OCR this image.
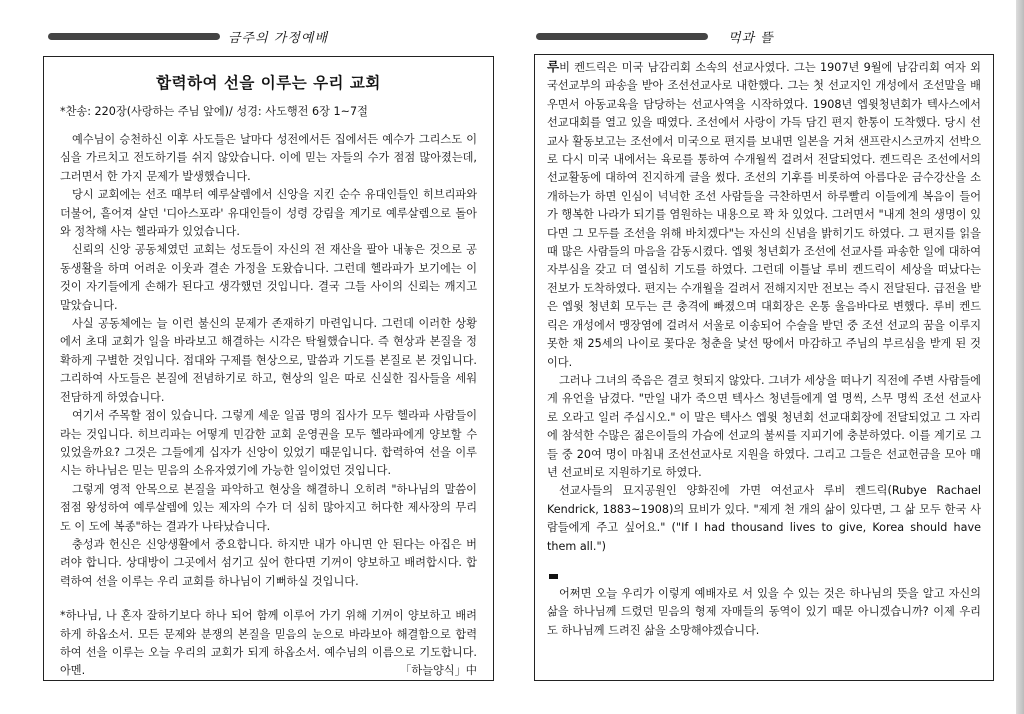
금주의 가정예배	먹과 뜰
합력하여 선을 이루는 우리 교회
*찬송: 220장(사랑하는 주님 앞에)/ 성경: 사도행전 6장 1~7절

예수님이 승천하신 이후 사도들은 날마다 성전에서든 집에서든 예수가 그리스도 이심을 가르치고 전도하기를 쉬지 않았습니다. 이에 믿는 자들의 수가 점점 많아졌는데, 그러면서 한 가지 문제가 발생했습니다.

당시 교회에는 선조 때부터 예루살렘에서 신앙을 지킨 순수 유대인들인 히브리파와 더불어, 흩어져 살던 '디아스포라' 유대인들이 성령 강림을 계기로 예루살렘으로 돌아와 정착해 사는 헬라파가 있었습니다.

신뢰의 신앙 공동체였던 교회는 성도들이 자신의 전 재산을 팔아 내놓은 것으로 공동생활을 하며 어려운 이웃과 결손 가정을 도왔습니다. 그런데 헬라파가 보기에는 이것이 자기들에게 손해가 된다고 생각했던 것입니다. 결국 그들 사이의 신뢰는 깨지고 말았습니다.

사실 공동체에는 늘 이런 불신의 문제가 존재하기 마련입니다. 그런데 이러한 상황에서 초대 교회가 일을 바라보고 해결하는 시각은 탁월했습니다. 즉 현상과 본질을 정확하게 구별한 것입니다. 접대와 구제를 현상으로, 말씀과 기도를 본질로 본 것입니다. 그리하여 사도들은 본질에 전념하기로 하고, 현상의 일은 따로 신실한 집사들을 세워 전담하게 하였습니다.

여기서 주목할 점이 있습니다. 그렇게 세운 일곱 명의 집사가 모두 헬라파 사람들이라는 것입니다. 히브리파는 어떻게 민감한 교회 운영권을 모두 헬라파에게 양보할 수 있었을까요? 그것은 그들에게 십자가 신앙이 있었기 때문입니다. 합력하여 선을 이루시는 하나님은 믿는 믿음의 소유자였기에 가능한 일이었던 것입니다.

그렇게 영적 안목으로 본질을 파악하고 현상을 해결하니 오히려 "하나님의 말씀이 점점 왕성하여 예루살렘에 있는 제자의 수가 더 심히 많아지고 허다한 제사장의 무리도 이 도에 복종"하는 결과가 나타났습니다.

충성과 헌신은 신앙생활에서 중요합니다. 하지만 내가 아니면 안 된다는 아집은 버려야 합니다. 상대방이 그곳에서 섬기고 싶어 한다면 기꺼이 양보하고 배려합시다. 합력하여 선을 이루는 우리 교회를 하나님이 기뻐하실 것입니다.

*하나님, 나 혼자 잘하기보다 하나 되어 함께 이루어 가기 위해 기꺼이 양보하고 배려하게 하옵소서. 모든 문제와 분쟁의 본질을 믿음의 눈으로 바라보아 해결함으로 합력하여 선을 이루는 오늘 우리의 교회가 되게 하옵소서. 예수님의 이름으로 기도합니다. 아멘.	「하늘양식」中

루비 켄드릭은 미국 남감리회 소속의 선교사였다. 그는 1907년 9월에 남감리회 여자 외국선교부의 파송을 받아 조선선교사로 내한했다. 그는 첫 선교지인 개성에서 조선말을 배우면서 아동교육을 담당하는 선교사역을 시작하였다. 1908년 엡윗청년회가 텍사스에서 선교대회를 열고 있을 때였다. 조선에서 사랑이 가득 담긴 편지 한통이 도착했다. 당시 선교사 활동보고는 조선에서 미국으로 편지를 보내면 일본을 거쳐 샌프란시스코까지 선박으로 다시 미국 내에서는 육로를 통하여 수개월씩 걸려서 전달되었다. 켄드릭은 조선에서의 선교활동에 대하여 진지하게 글을 썼다. 조선의 기후를 비롯하여 아름다운 금수강산을 소개하는가 하면 인심이 넉넉한 조선 사람들을 극찬하면서 하루빨리 이들에게 복음이 들어가 행복한 나라가 되기를 염원하는 내용으로 꽉 차 있었다. 그러면서 "내게 천의 생명이 있다면 그 모두를 조선을 위해 바치겠다"는 자신의 신념을 밝히기도 하였다. 그 편지를 읽을 때 많은 사람들의 마음을 감동시켰다. 엡윗 청년회가 조선에 선교사를 파송한 일에 대하여 자부심을 갖고 더 열심히 기도를 하였다. 그런데 이틀날 루비 켄드릭이 세상을 떠났다는 전보가 도착하였다. 편지는 수개월을 걸려서 전해지지만 전보는 즉시 전달된다. 급전을 받은 엡윗 청년회 모두는 큰 충격에 빠졌으며 대회장은 온통 울음바다로 변했다. 루비 켄드릭은 개성에서 맹장염에 걸려서 서울로 이송되어 수술을 받던 중 조선 선교의 꿈을 이루지 못한 채 25세의 나이로 꽃다운 청춘을 낯선 땅에서 마감하고 주님의 부르심을 받게 된 것이다.

그러나 그녀의 죽음은 결코 헛되지 않았다. 그녀가 세상을 떠나기 직전에 주변 사람들에게 유언을 남겼다. "만일 내가 죽으면 텍사스 청년들에게 열 명씩, 스무 명씩 조선 선교사로 오라고 일러 주십시오." 이 말은 텍사스 엡윗 청년회 선교대회장에 전달되었고 그 자리에 참석한 수많은 젊은이들의 가슴에 선교의 불씨를 지피기에 충분하였다. 이를 계기로 그들 중 20여 명이 마침내 조선선교사로 지원을 하였다. 그리고 그들은 선교헌금을 모아 매년 선교비로 지원하기로 하였다.

선교사들의 묘지공원인 양화진에 가면 여선교사 루비 켄드릭(Rubye Rachael Kendrick, 1883~1908)의 묘비가 있다. "제게 천 개의 삶이 있다면, 그 삶 모두 한국 사람들에게 주고 싶어요." ("If I had thousand lives to give, Korea should have them all.")

어쩌면 오늘 우리가 이렇게 예배자로 서 있을 수 있는 것은 하나님의 뜻을 알고 자신의 삶을 하나님께 드렸던 믿음의 형제 자매들의 동역이 있기 때문 아니겠습니까? 이제 우리도 하나님께 드려진 삶을 소망해야겠습니다.
